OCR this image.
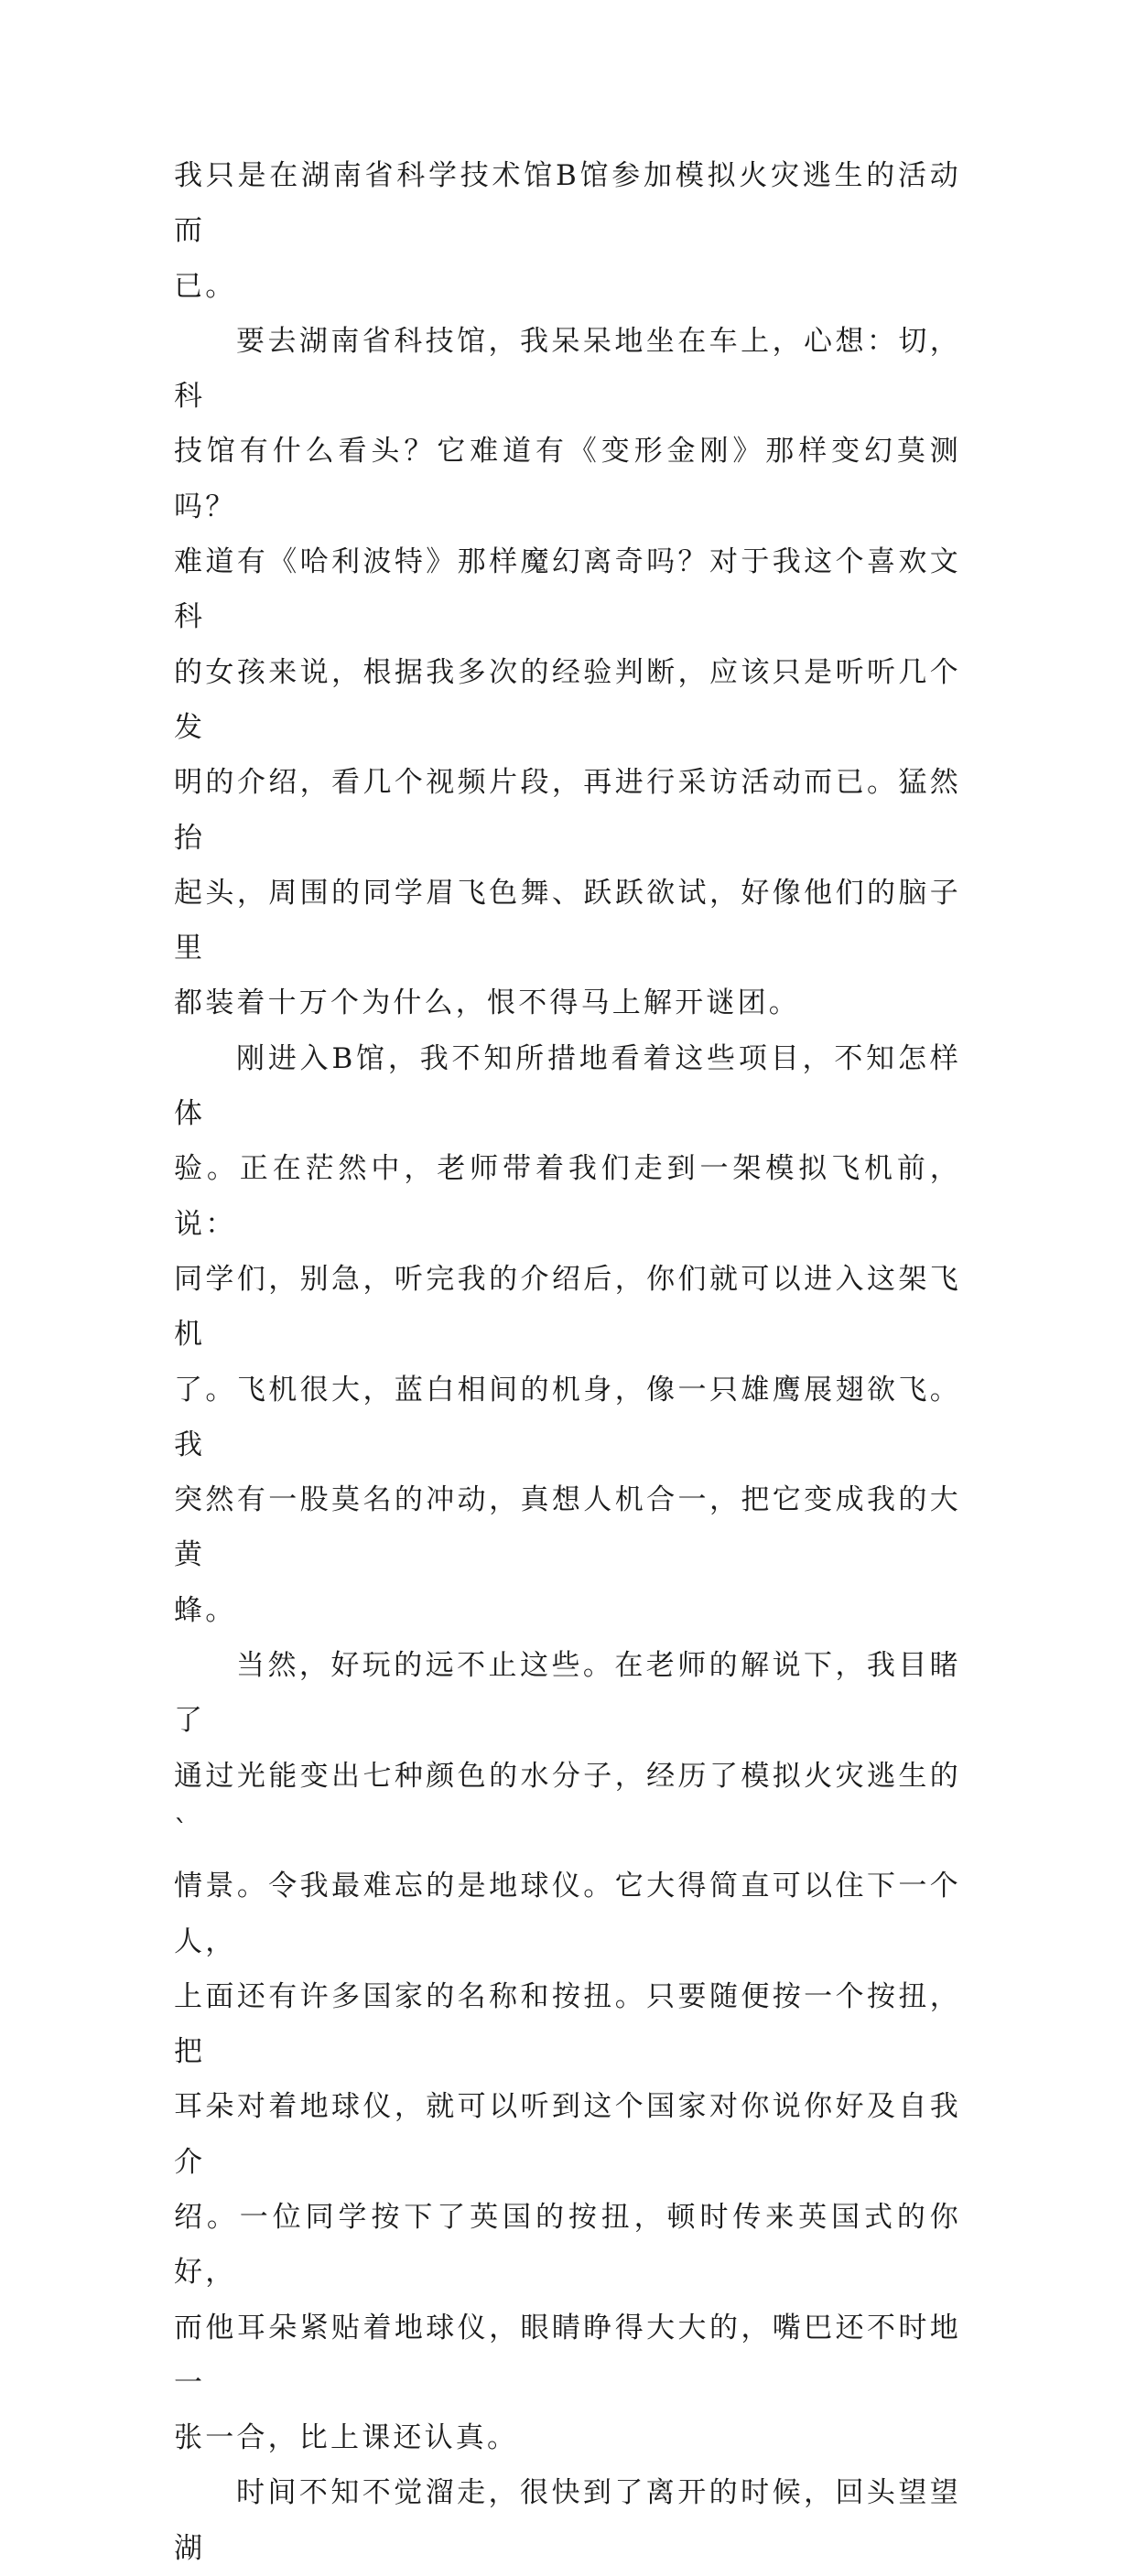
我只是在湖南省科学技术馆B馆参加模拟火灾逃生的活动而
已。

要去湖南省科技馆，我呆呆地坐在车上，心想：切，科
技馆有什么看头？它难道有《变形金刚》那样变幻莫测吗？
难道有《哈利波特》那样魔幻离奇吗？对于我这个喜欢文科
的女孩来说，根据我多次的经验判断，应该只是听听几个发
明的介绍，看几个视频片段，再进行采访活动而已。猛然抬
起头，周围的同学眉飞色舞、跃跃欲试，好像他们的脑子里
都装着十万个为什么，恨不得马上解开谜团。

刚进入B馆，我不知所措地看着这些项目，不知怎样体
验。正在茫然中，老师带着我们走到一架模拟飞机前，说：
同学们，别急，听完我的介绍后，你们就可以进入这架飞机
了。飞机很大，蓝白相间的机身，像一只雄鹰展翅欲飞。我
突然有一股莫名的冲动，真想人机合一，把它变成我的大黄
蜂。

当然，好玩的远不止这些。在老师的解说下，我目睹了
通过光能变出七种颜色的水分子，经历了模拟火灾逃生的`
情景。令我最难忘的是地球仪。它大得简直可以住下一个人，
上面还有许多国家的名称和按扭。只要随便按一个按扭，把
耳朵对着地球仪，就可以听到这个国家对你说你好及自我介
绍。一位同学按下了英国的按扭，顿时传来英国式的你好，
而他耳朵紧贴着地球仪，眼睛睁得大大的，嘴巴还不时地一
张一合，比上课还认真。

时间不知不觉溜走，很快到了离开的时候，回头望望湖
